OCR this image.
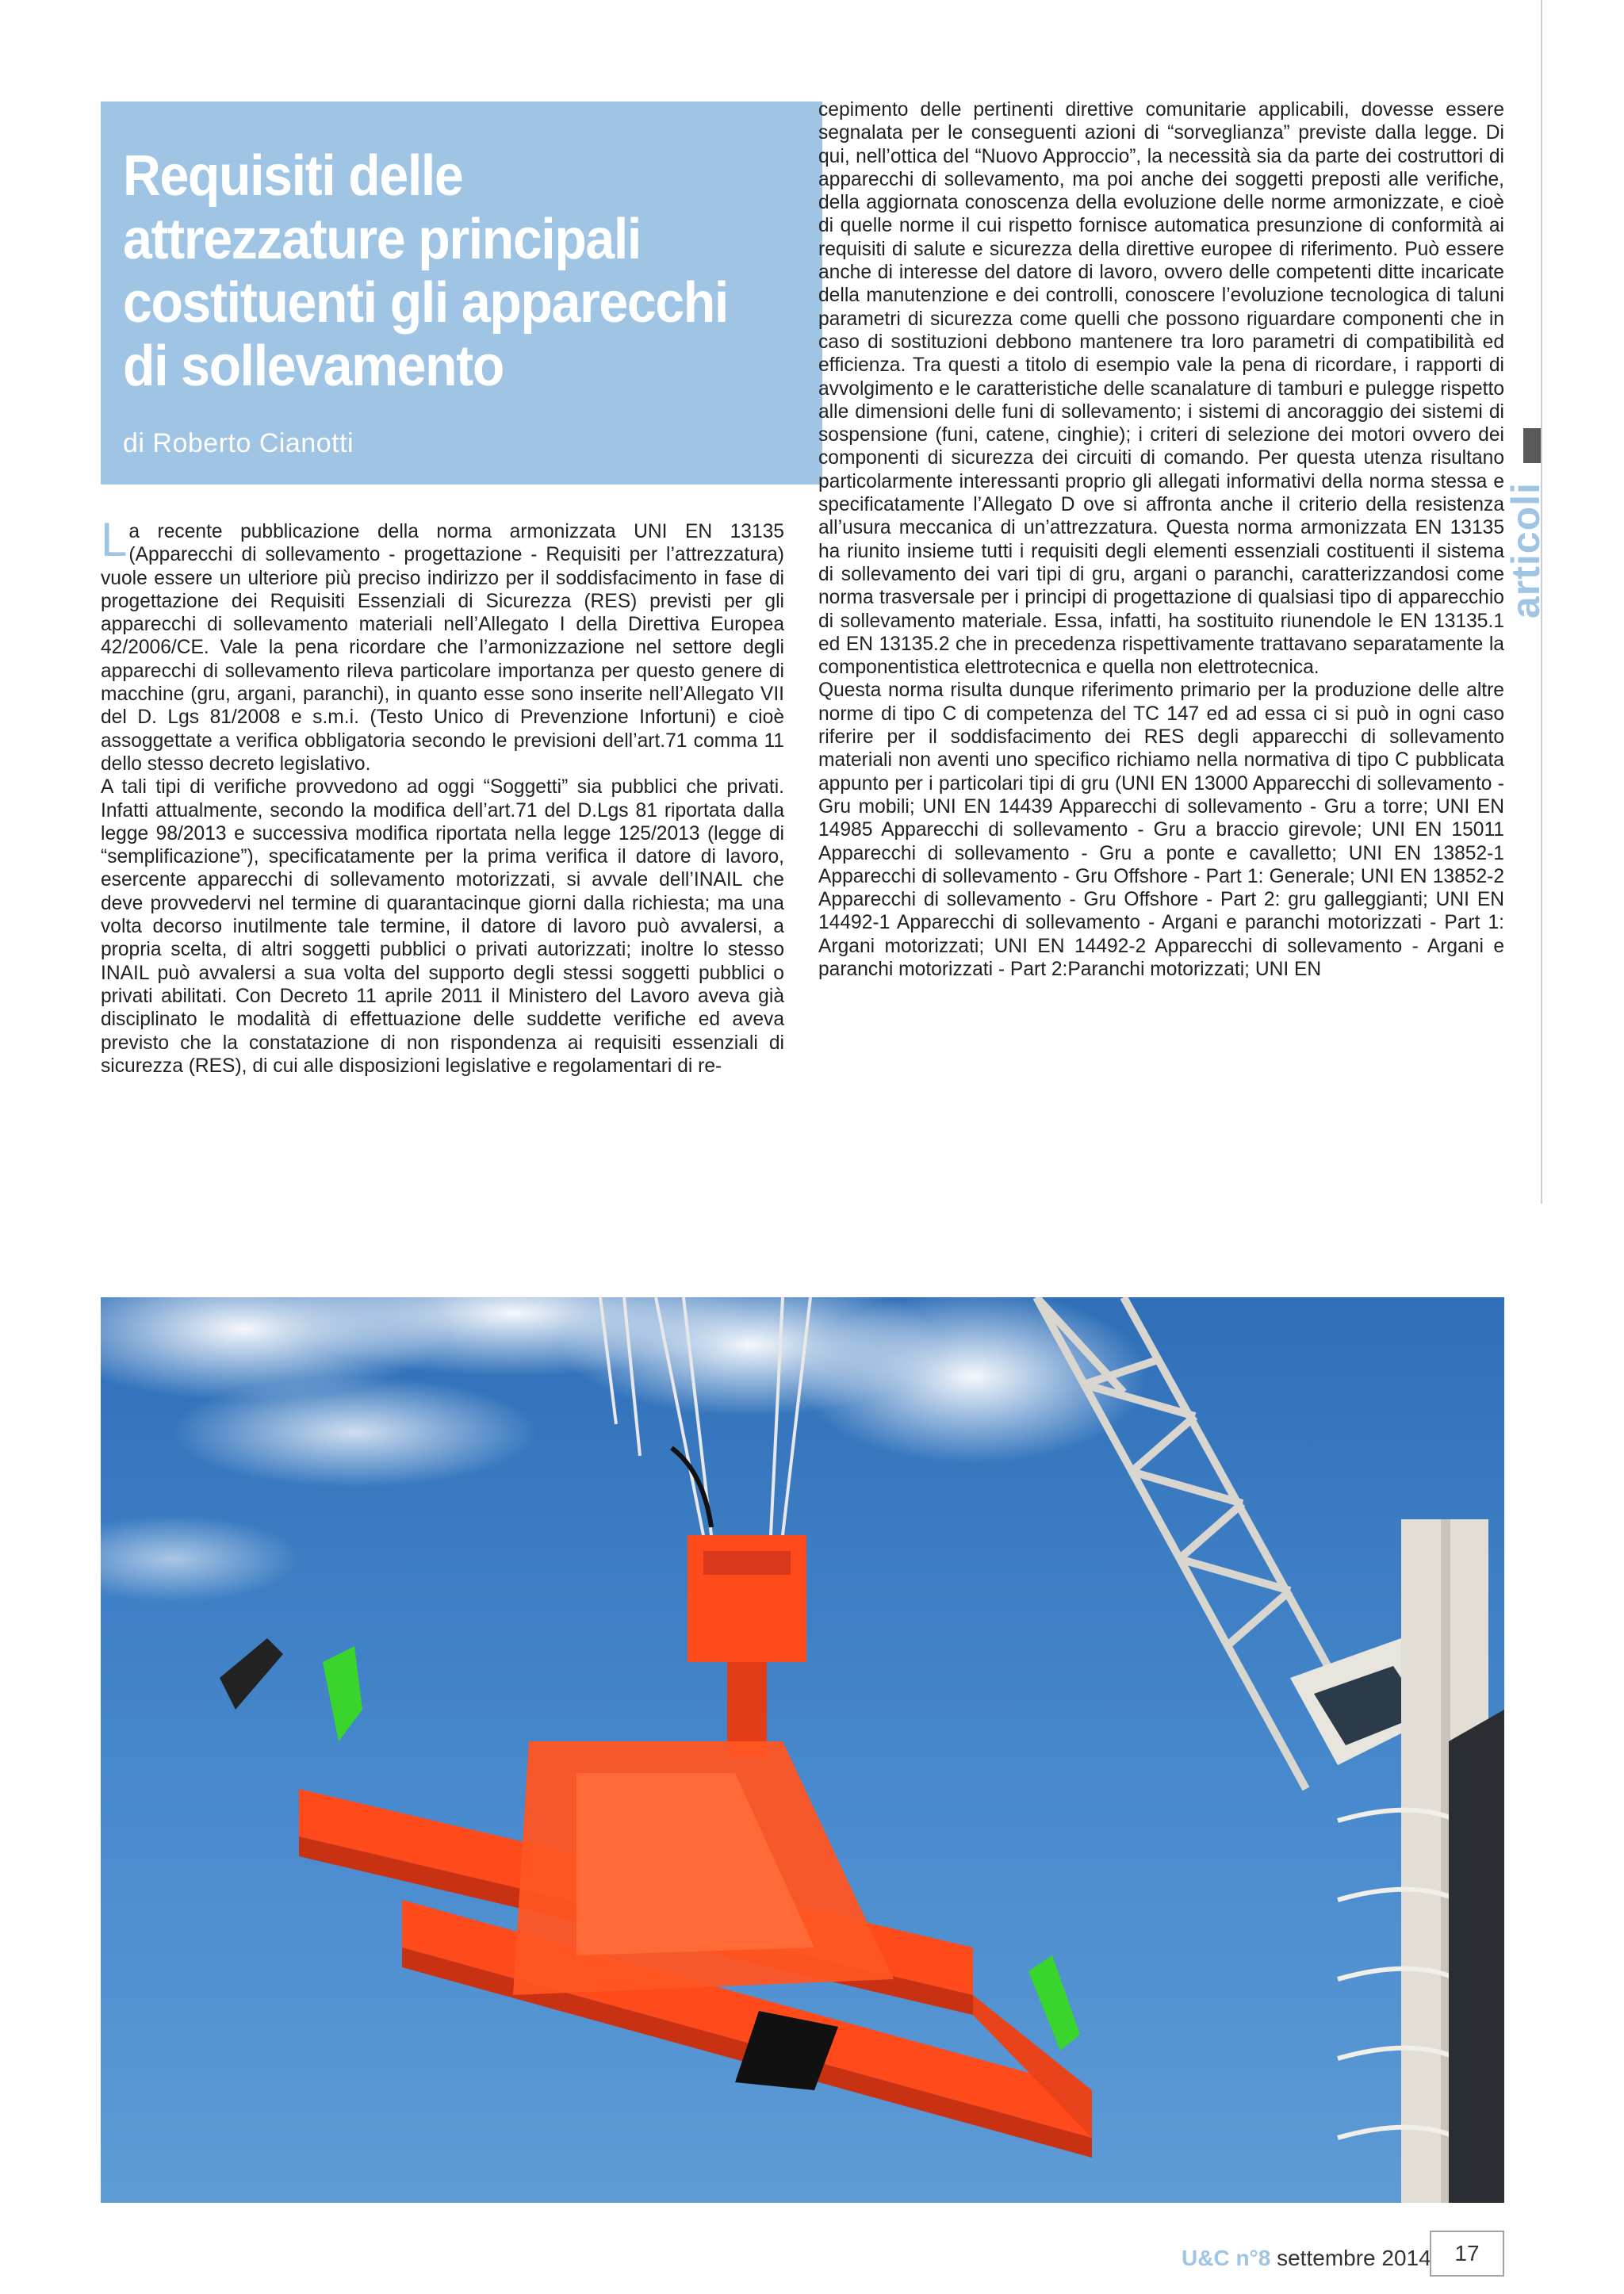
Requisiti delle attrezzature principali costituenti gli apparecchi di sollevamento

di Roberto Cianotti

La recente pubblicazione della norma armonizzata UNI EN 13135 (Apparecchi di sollevamento - progettazione - Requisiti per l’attrezzatura) vuole essere un ulteriore più preciso indirizzo per il soddisfacimento in fase di progettazione dei Requisiti Essenziali di Sicurezza (RES) previsti per gli apparecchi di sollevamento materiali nell’Allegato I della Direttiva Europea 42/2006/CE. Vale la pena ricordare che l’armonizzazione nel settore degli apparecchi di sollevamento rileva particolare importanza per questo genere di macchine (gru, argani, paranchi), in quanto esse sono inserite nell’Allegato VII del D. Lgs 81/2008 e s.m.i. (Testo Unico di Prevenzione Infortuni) e cioè assoggettate a verifica obbligatoria secondo le previsioni dell’art.71 comma 11 dello stesso decreto legislativo.

A tali tipi di verifiche provvedono ad oggi “Soggetti” sia pubblici che privati. Infatti attualmente, secondo la modifica dell’art.71 del D.Lgs 81 riportata dalla legge 98/2013 e successiva modifica riportata nella legge 125/2013 (legge di “semplificazione”), specificatamente per la prima verifica il datore di lavoro, esercente apparecchi di sollevamento motorizzati, si avvale dell’INAIL che deve provvedervi nel termine di quarantacinque giorni dalla richiesta; ma una volta decorso inutilmente tale termine, il datore di lavoro può avvalersi, a propria scelta, di altri soggetti pubblici o privati autorizzati; inoltre lo stesso INAIL può avvalersi a sua volta del supporto degli stessi soggetti pubblici o privati abilitati. Con Decreto 11 aprile 2011 il Ministero del Lavoro aveva già disciplinato le modalità di effettuazione delle suddette verifiche ed aveva previsto che la constatazione di non rispondenza ai requisiti essenziali di sicurezza (RES), di cui alle disposizioni legislative e regolamentari di re-

cepimento delle pertinenti direttive comunitarie applicabili, dovesse essere segnalata per le conseguenti azioni di “sorveglianza” previste dalla legge. Di qui, nell’ottica del “Nuovo Approccio”, la necessità sia da parte dei costruttori di apparecchi di sollevamento, ma poi anche dei soggetti preposti alle verifiche, della aggiornata conoscenza della evoluzione delle norme armonizzate, e cioè di quelle norme il cui rispetto fornisce automatica presunzione di conformità ai requisiti di salute e sicurezza della direttive europee di riferimento. Può essere anche di interesse del datore di lavoro, ovvero delle competenti ditte incaricate della manutenzione e dei controlli, conoscere l’evoluzione tecnologica di taluni parametri di sicurezza come quelli che possono riguardare componenti che in caso di sostituzioni debbono mantenere tra loro parametri di compatibilità ed efficienza. Tra questi a titolo di esempio vale la pena di ricordare, i rapporti di avvolgimento e le caratteristiche delle scanalature di tamburi e pulegge rispetto alle dimensioni delle funi di sollevamento; i sistemi di ancoraggio dei sistemi di sospensione (funi, catene, cinghie); i criteri di selezione dei motori ovvero dei componenti di sicurezza dei circuiti di comando. Per questa utenza risultano particolarmente interessanti proprio gli allegati informativi della norma stessa e specificatamente l’Allegato D ove si affronta anche il criterio della resistenza all’usura meccanica di un’attrezzatura. Questa norma armonizzata EN 13135 ha riunito insieme tutti i requisiti degli elementi essenziali costituenti il sistema di sollevamento dei vari tipi di gru, argani o paranchi, caratterizzandosi come norma trasversale per i principi di progettazione di qualsiasi tipo di apparecchio di sollevamento materiale. Essa, infatti, ha sostituito riunendole le EN 13135.1 ed EN 13135.2 che in precedenza rispettivamente trattavano separatamente la componentistica elettrotecnica e quella non elettrotecnica.

Questa norma risulta dunque riferimento primario per la produzione delle altre norme di tipo C di competenza del TC 147 ed ad essa ci si può in ogni caso riferire per il soddisfacimento dei RES degli apparecchi di sollevamento materiali non aventi uno specifico richiamo nella normativa di tipo C pubblicata appunto per i particolari tipi di gru (UNI EN 13000 Apparecchi di sollevamento - Gru mobili; UNI EN 14439 Apparecchi di sollevamento - Gru a torre; UNI EN 14985 Apparecchi di sollevamento - Gru a braccio girevole; UNI EN 15011 Apparecchi di sollevamento - Gru a ponte e cavalletto; UNI EN 13852-1 Apparecchi di sollevamento - Gru Offshore - Part 1: Generale; UNI EN 13852-2 Apparecchi di sollevamento - Gru Offshore - Part 2: gru galleggianti; UNI EN 14492-1 Apparecchi di sollevamento - Argani e paranchi motorizzati - Part 1: Argani motorizzati; UNI EN 14492-2 Apparecchi di sollevamento - Argani e paranchi motorizzati - Part 2:Paranchi motorizzati; UNI EN

articoli
U&C n°8 settembre 2014	17
